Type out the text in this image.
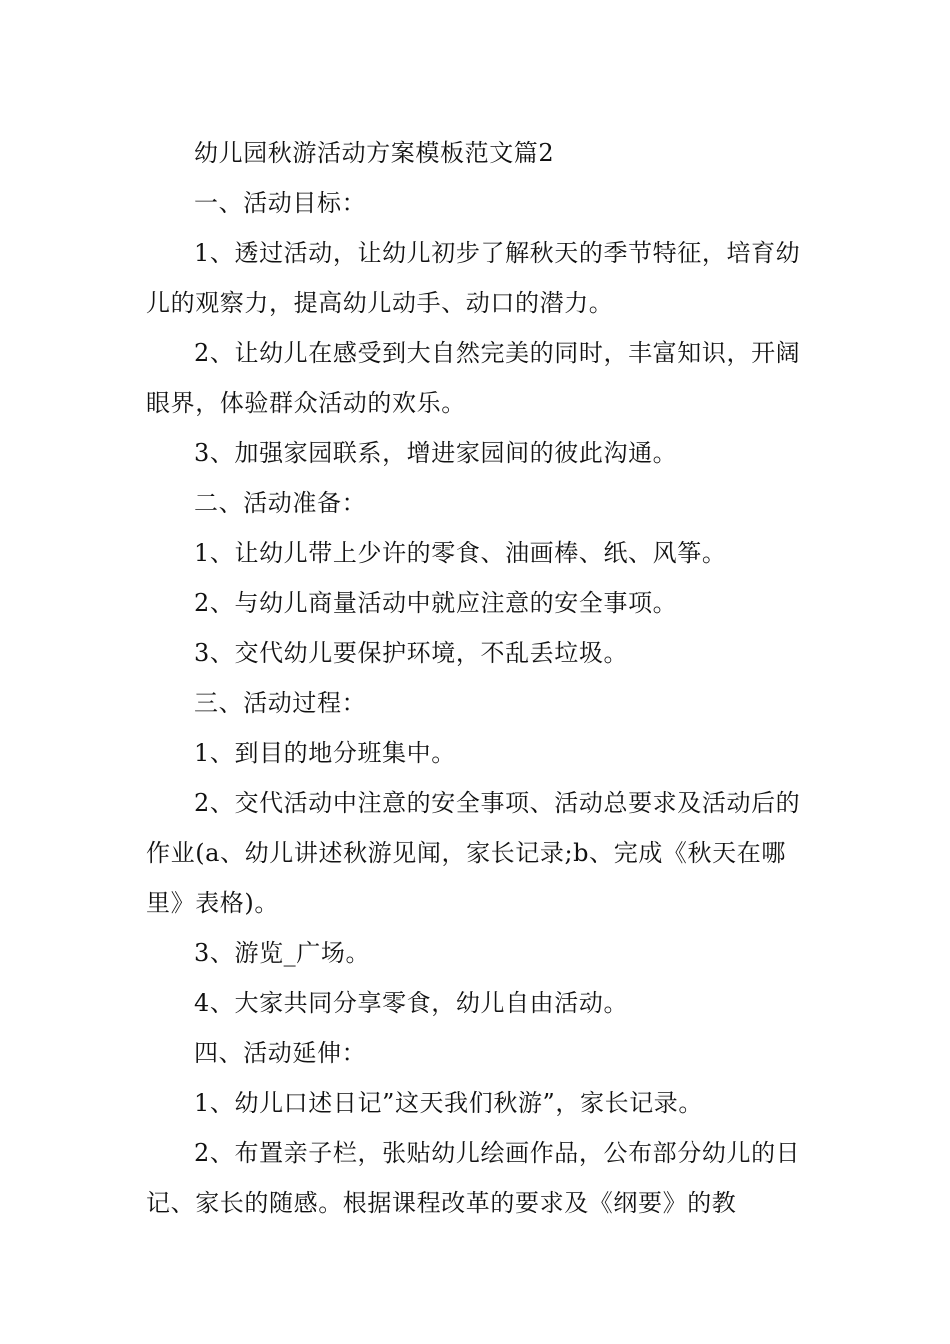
幼儿园秋游活动方案模板范文篇2

一、活动目标：

1、透过活动，让幼儿初步了解秋天的季节特征，培育幼儿的观察力，提高幼儿动手、动口的潜力。

2、让幼儿在感受到大自然完美的同时，丰富知识，开阔眼界，体验群众活动的欢乐。

3、加强家园联系，增进家园间的彼此沟通。

二、活动准备：

1、让幼儿带上少许的零食、油画棒、纸、风筝。

2、与幼儿商量活动中就应注意的安全事项。

3、交代幼儿要保护环境，不乱丢垃圾。

三、活动过程：

1、到目的地分班集中。

2、交代活动中注意的安全事项、活动总要求及活动后的作业(a、幼儿讲述秋游见闻，家长记录;b、完成《秋天在哪里》表格)。

3、游览_广场。

4、大家共同分享零食，幼儿自由活动。

四、活动延伸：

1、幼儿口述日记”这天我们秋游”，家长记录。

2、布置亲子栏，张贴幼儿绘画作品，公布部分幼儿的日记、家长的随感。根据课程改革的要求及《纲要》的教
